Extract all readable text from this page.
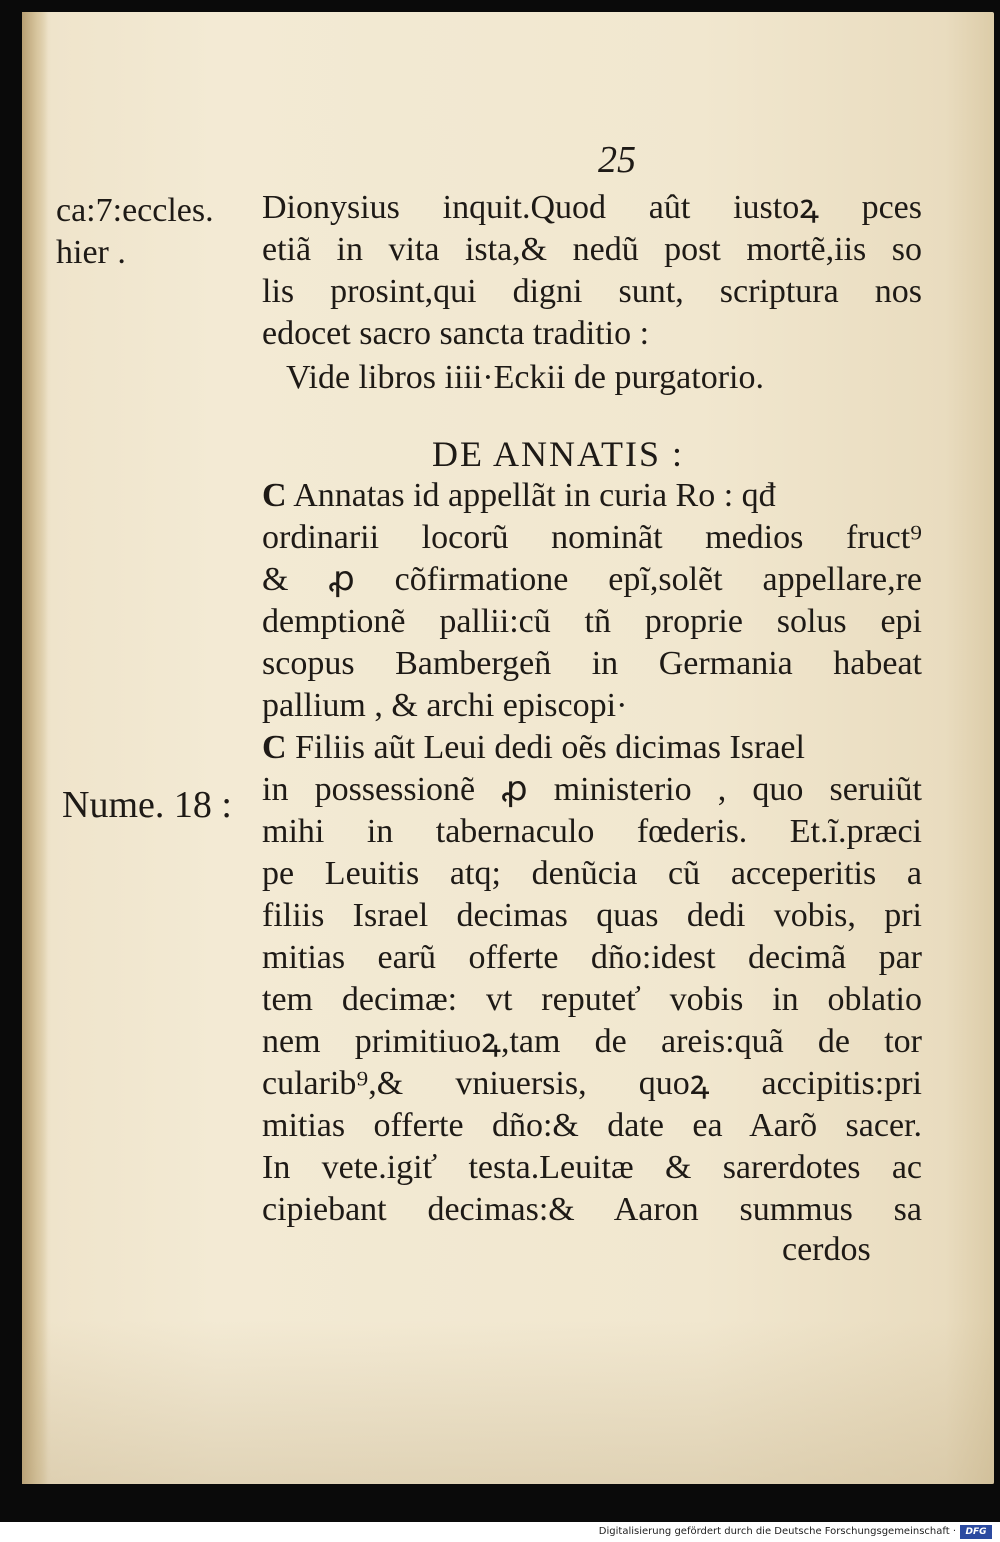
25
ca:7:eccles.
hier .
Nume. 18 :
Dionysius inquit.Quod aût iustoꝝ pces
etiã in vita ista,& nedũ post mortẽ,iis so
lis prosint,qui digni sunt, scriptura nos
edocet sacro sancta traditio :
Vide libros iiii·Eckii de purgatorio.
DE ANNATIS :
C Annatas id appellãt in curia Ro : qđ
ordinarii locorũ nominãt medios fruct⁹
& ꝓ cõfirmatione epĩ,solẽt appellare,re
demptionẽ pallii:cũ tñ proprie solus epi
scopus Bambergeñ in Germania habeat
pallium , & archi episcopi·
C Filiis aũt Leui dedi oẽs dicimas Israel
in possessionẽ ꝓ ministerio , quo seruiũt
mihi in tabernaculo fœderis. Et.ĩ.præci
pe Leuitis atq; denũcia cũ acceperitis a
filiis Israel decimas quas dedi vobis, pri
mitias earũ offerte dño:idest decimã par
tem decimæ: vt reputeť vobis in oblatio
nem primitiuoꝝ,tam de areis:quã de tor
cularib⁹,& vniuersis, quoꝝ accipitis:pri
mitias offerte dño:& date ea Aarõ sacer.
In vete.igiť testa.Leuitæ & sarerdotes ac
cipiebant decimas:& Aaron summus sa
cerdos
Digitalisierung gefördert durch die Deutsche Forschungsgemeinschaft ·	DFG
